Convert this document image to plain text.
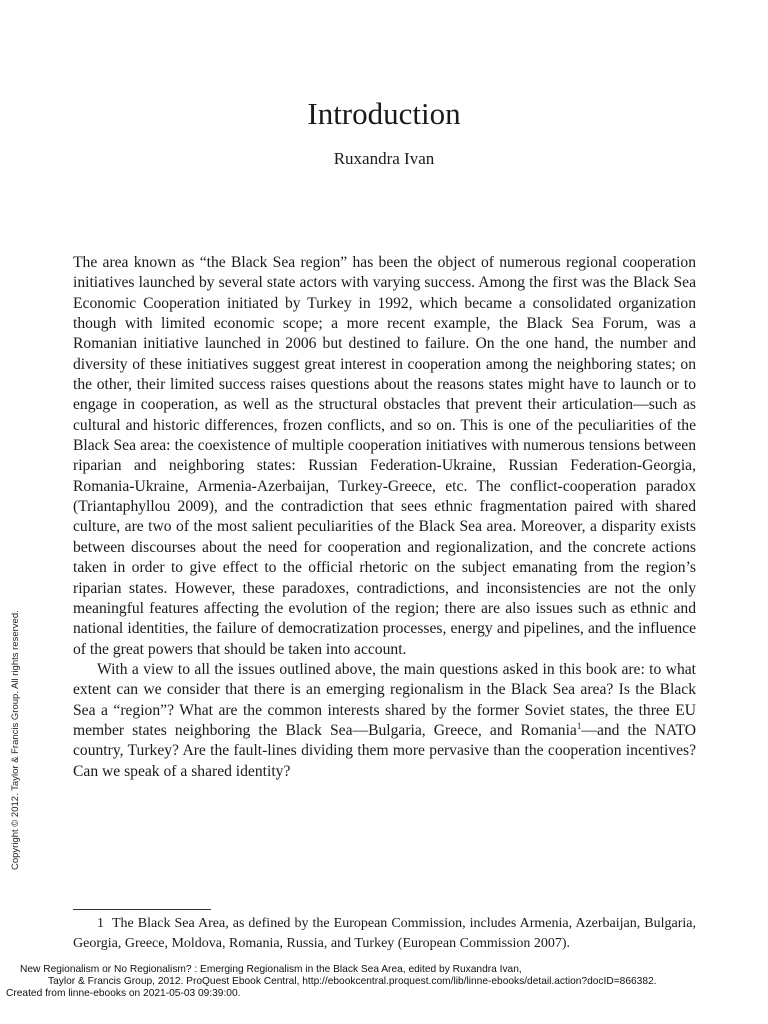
Introduction
Ruxandra Ivan

The area known as “the Black Sea region” has been the object of numerous regional cooperation initiatives launched by several state actors with varying success. Among the first was the Black Sea Economic Cooperation initiated by Turkey in 1992, which became a consolidated organization though with limited economic scope; a more recent example, the Black Sea Forum, was a Romanian initiative launched in 2006 but destined to failure. On the one hand, the number and diversity of these initiatives suggest great interest in cooperation among the neighboring states; on the other, their limited success raises questions about the reasons states might have to launch or to engage in cooperation, as well as the structural obstacles that prevent their articulation—such as cultural and historic differences, frozen conflicts, and so on. This is one of the peculiarities of the Black Sea area: the coexistence of multiple cooperation initiatives with numerous tensions between riparian and neighboring states: Russian Federation-Ukraine, Russian Federation-Georgia, Romania-Ukraine, Armenia-Azerbaijan, Turkey-Greece, etc. The conflict-cooperation paradox (Triantaphyllou 2009), and the contradiction that sees ethnic fragmentation paired with shared culture, are two of the most salient peculiarities of the Black Sea area. Moreover, a disparity exists between discourses about the need for cooperation and regionalization, and the concrete actions taken in order to give effect to the official rhetoric on the subject emanating from the region’s riparian states. However, these paradoxes, contradictions, and inconsistencies are not the only meaningful features affecting the evolution of the region; there are also issues such as ethnic and national identities, the failure of democratization processes, energy and pipelines, and the influence of the great powers that should be taken into account.

With a view to all the issues outlined above, the main questions asked in this book are: to what extent can we consider that there is an emerging regionalism in the Black Sea area? Is the Black Sea a “region”? What are the common interests shared by the former Soviet states, the three EU member states neighboring the Black Sea—Bulgaria, Greece, and Romania$^1$—and the NATO country, Turkey? Are the fault-lines dividing them more pervasive than the cooperation incentives? Can we speak of a shared identity?

1 The Black Sea Area, as defined by the European Commission, includes Armenia, Azerbaijan, Bulgaria, Georgia, Greece, Moldova, Romania, Russia, and Turkey (European Commission 2007).

Copyright © 2012. Taylor & Francis Group. All rights reserved.
New Regionalism or No Regionalism? : Emerging Regionalism in the Black Sea Area, edited by Ruxandra Ivan,
Taylor & Francis Group, 2012. ProQuest Ebook Central, http://ebookcentral.proquest.com/lib/linne-ebooks/detail.action?docID=866382.
Created from linne-ebooks on 2021-05-03 09:39:00.
